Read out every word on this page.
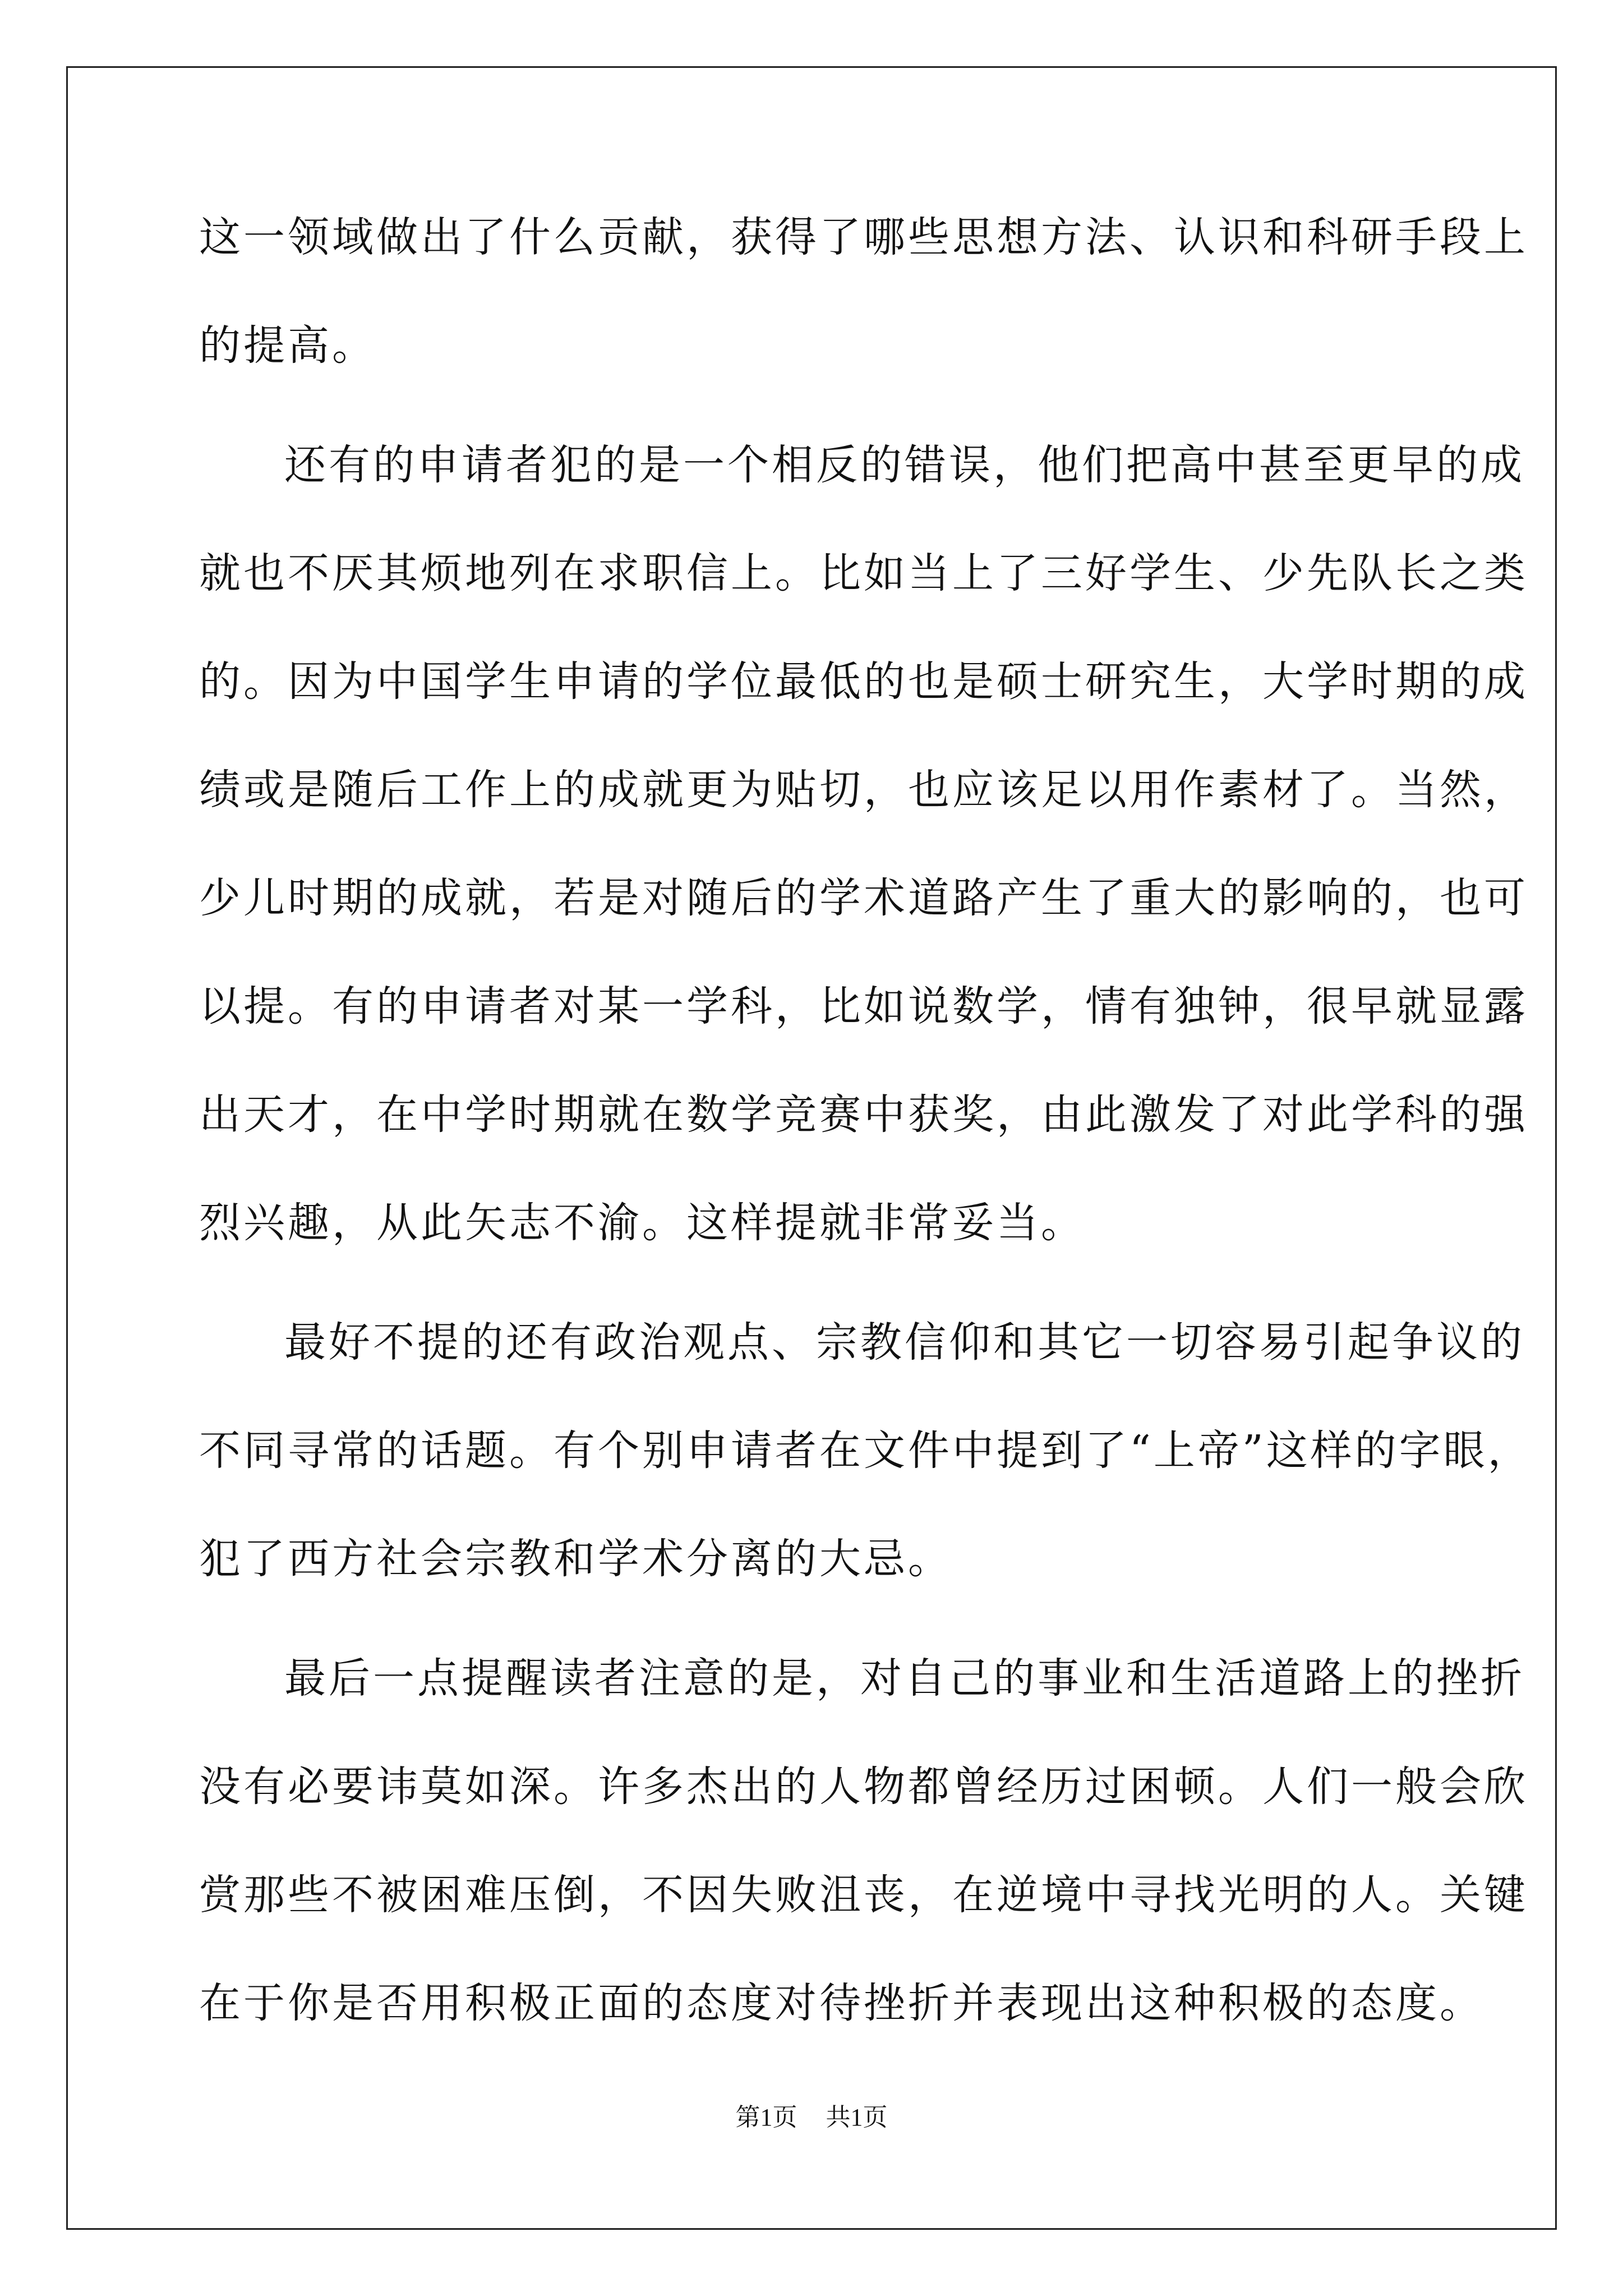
这一领域做出了什么贡献，获得了哪些思想方法、认识和科研手段上
的提高。
还有的申请者犯的是一个相反的错误，他们把高中甚至更早的成
就也不厌其烦地列在求职信上。比如当上了三好学生、少先队长之类
的。因为中国学生申请的学位最低的也是硕士研究生，大学时期的成
绩或是随后工作上的成就更为贴切，也应该足以用作素材了。当然，
少儿时期的成就，若是对随后的学术道路产生了重大的影响的，也可
以提。有的申请者对某一学科，比如说数学，情有独钟，很早就显露
出天才，在中学时期就在数学竞赛中获奖，由此激发了对此学科的强
烈兴趣，从此矢志不渝。这样提就非常妥当。
最好不提的还有政治观点、宗教信仰和其它一切容易引起争议的
不同寻常的话题。有个别申请者在文件中提到了“上帝”这样的字眼，
犯了西方社会宗教和学术分离的大忌。
最后一点提醒读者注意的是，对自己的事业和生活道路上的挫折
没有必要讳莫如深。许多杰出的人物都曾经历过困顿。人们一般会欣
赏那些不被困难压倒，不因失败沮丧，在逆境中寻找光明的人。关键
在于你是否用积极正面的态度对待挫折并表现出这种积极的态度。
第1页 共1页
